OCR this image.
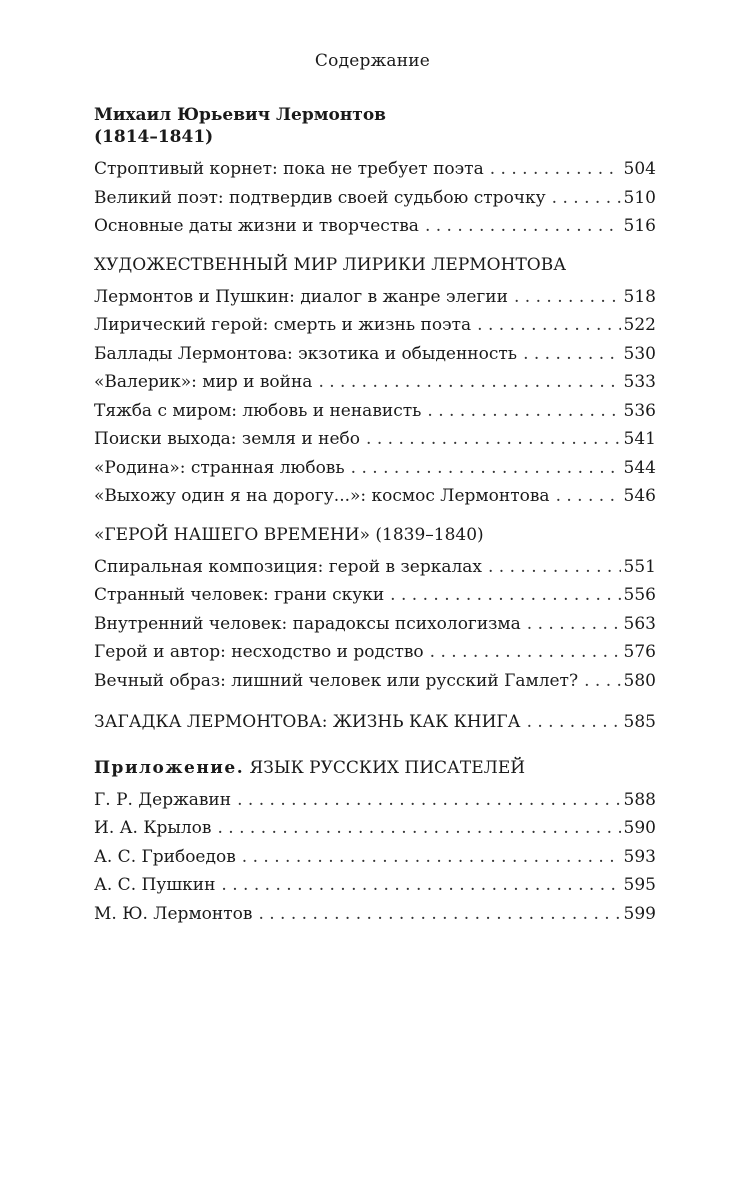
Содержание
Михаил Юрьевич Лермонтов
(1814–1841)
Строптивый корнет: пока не требует поэта . . .	504
Великий поэт: подтвердив своей судьбою строчку . . .	510
Основные даты жизни и творчества . . .	516
ХУДОЖЕСТВЕННЫЙ МИР ЛИРИКИ ЛЕРМОНТОВА
Лермонтов и Пушкин: диалог в жанре элегии . . .	518
Лирический герой: смерть и жизнь поэта . . .	522
Баллады Лермонтова: экзотика и обыденность . . .	530
«Валерик»: мир и война . . .	533
Тяжба с миром: любовь и ненависть . . .	536
Поиски выхода: земля и небо . . .	541
«Родина»: странная любовь . . .	544
«Выхожу один я на дорогу...»: космос Лермонтова . . .	546
«ГЕРОЙ НАШЕГО ВРЕМЕНИ» (1839–1840)
Спиральная композиция: герой в зеркалах . . .	551
Странный человек: грани скуки . . .	556
Внутренний человек: парадоксы психологизма . . .	563
Герой и автор: несходство и родство . . .	576
Вечный образ: лишний человек или русский Гамлет? . . .	580
ЗАГАДКА ЛЕРМОНТОВА: ЖИЗНЬ КАК КНИГА . . .	585
Приложение. ЯЗЫК РУССКИХ ПИСАТЕЛЕЙ
Г. Р. Державин . . .	588
И. А. Крылов . . .	590
А. С. Грибоедов . . .	593
А. С. Пушкин . . .	595
М. Ю. Лермонтов . . .	599
